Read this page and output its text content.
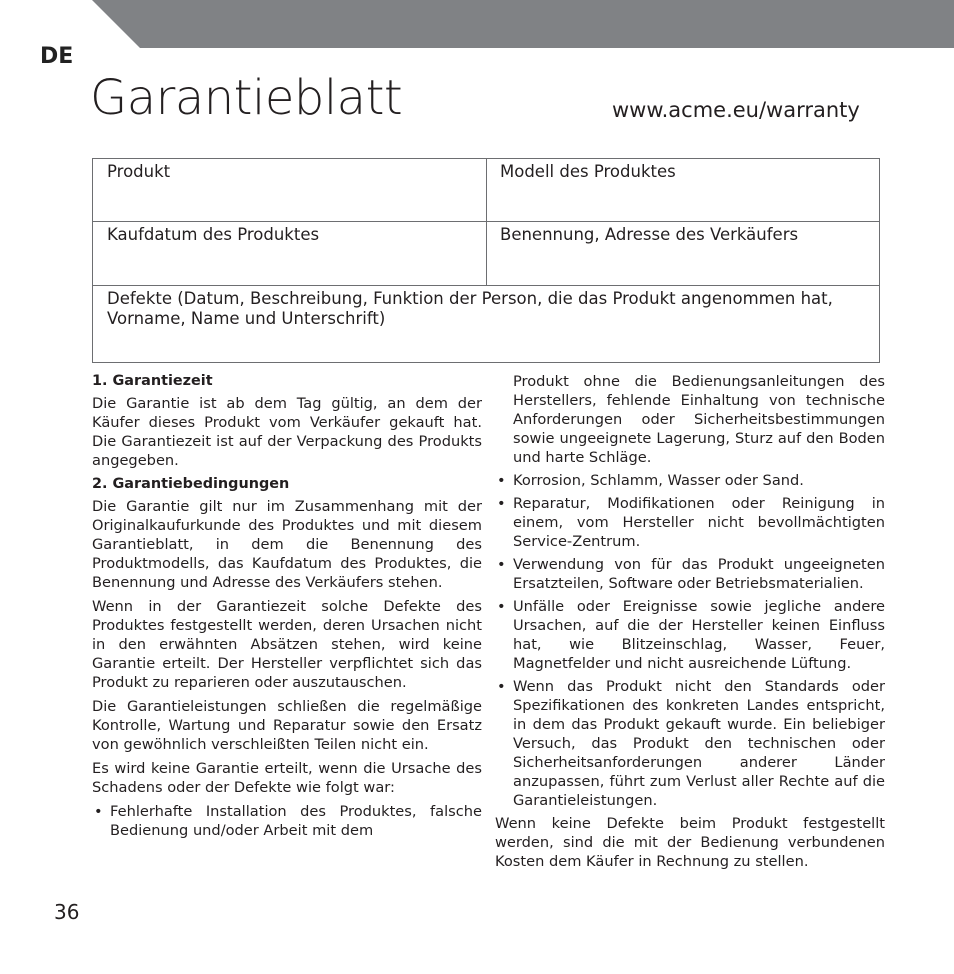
DE
Garantieblatt	www.acme.eu/warranty
Produkt	Modell des Produktes
Kaufdatum des Produktes	Benennung, Adresse des Verkäufers
Defekte (Datum, Beschreibung, Funktion der Person, die das Produkt angenommen hat, Vorname, Name und Unterschrift)
1. Garantiezeit

Die Garantie ist ab dem Tag gültig, an dem der Käufer dieses Produkt vom Verkäufer gekauft hat. Die Garantiezeit ist auf der Verpackung des Produkts angegeben.

2. Garantiebedingungen

Die Garantie gilt nur im Zusammenhang mit der Originalkaufurkunde des Produktes und mit diesem Garantieblatt, in dem die Benennung des Produktmodells, das Kaufdatum des Produktes, die Benennung und Adresse des Verkäufers stehen.

Wenn in der Garantiezeit solche Defekte des Produktes festgestellt werden, deren Ursachen nicht in den erwähnten Absätzen stehen, wird keine Garantie erteilt. Der Hersteller verpflichtet sich das Produkt zu reparieren oder auszutauschen.

Die Garantieleistungen schließen die regelmäßige Kontrolle, Wartung und Reparatur sowie den Ersatz von gewöhnlich verschleißten Teilen nicht ein.

Es wird keine Garantie erteilt, wenn die Ursache des Schadens oder der Defekte wie folgt war:

• Fehlerhafte Installation des Produktes, falsche Bedienung und/oder Arbeit mit dem

Produkt ohne die Bedienungsanleitungen des Herstellers, fehlende Einhaltung von technische Anforderungen oder Sicherheitsbestimmungen sowie ungeeignete Lagerung, Sturz auf den Boden und harte Schläge.

• Korrosion, Schlamm, Wasser oder Sand.
• Reparatur, Modifikationen oder Reinigung in einem, vom Hersteller nicht bevollmächtigten Service-Zentrum.
• Verwendung von für das Produkt ungeeigneten Ersatzteilen, Software oder Betriebsmaterialien.
• Unfälle oder Ereignisse sowie jegliche andere Ursachen, auf die der Hersteller keinen Einfluss hat, wie Blitzeinschlag, Wasser, Feuer, Magnetfelder und nicht ausreichende Lüftung.
• Wenn das Produkt nicht den Standards oder Spezifikationen des konkreten Landes entspricht, in dem das Produkt gekauft wurde. Ein beliebiger Versuch, das Produkt den technischen oder Sicherheitsanforderungen anderer Länder anzupassen, führt zum Verlust aller Rechte auf die Garantieleistungen.

Wenn keine Defekte beim Produkt festgestellt werden, sind die mit der Bedienung verbundenen Kosten dem Käufer in Rechnung zu stellen.

36
